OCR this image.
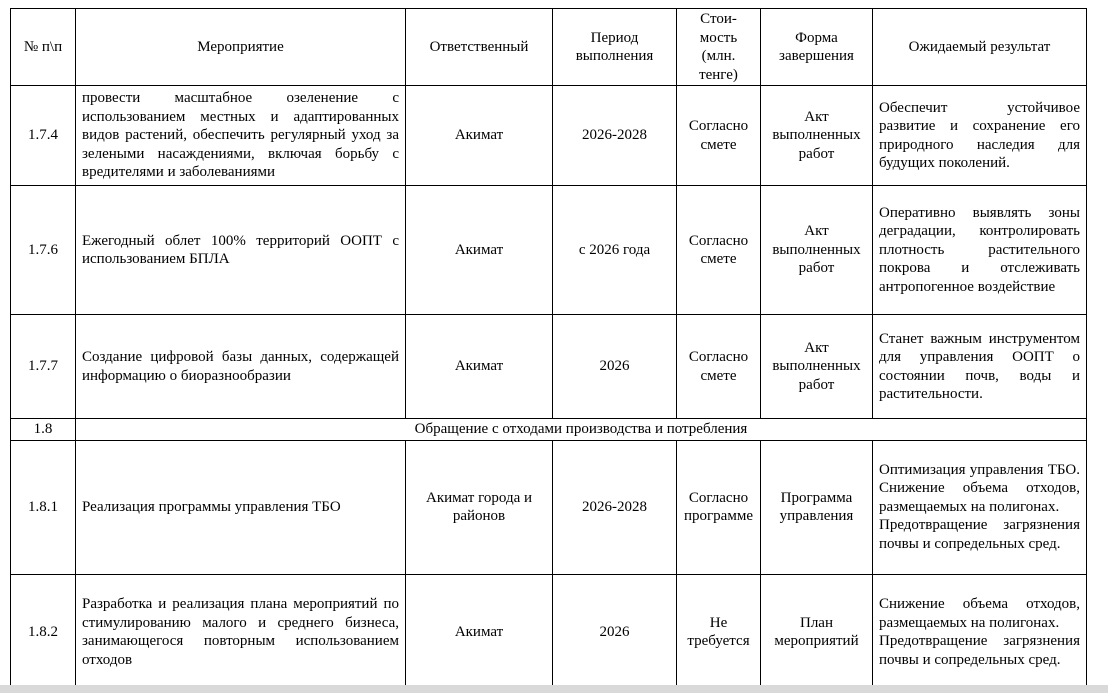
№ п\п	Мероприятие	Ответственный	Период выполнения	Стои-мость (млн. тенге)	Форма завершения	Ожидаемый результат
1.7.4	провести масштабное озеленение с использованием местных и адаптированных видов растений, обеспечить регулярный уход за зелеными насаждениями, включая борьбу с вредителями и заболеваниями	Акимат	2026-2028	Согласно смете	Акт выполненных работ	Обеспечит устойчивое развитие и сохранение его природного наследия для будущих поколений.
1.7.6	Ежегодный облет 100% территорий ООПТ с использованием БПЛА	Акимат	с 2026 года	Согласно смете	Акт выполненных работ	Оперативно выявлять зоны деградации, контролировать плотность растительного покрова и отслеживать антропогенное воздействие
1.7.7	Создание цифровой базы данных, содержащей информацию о биоразнообразии	Акимат	2026	Согласно смете	Акт выполненных работ	Станет важным инструментом для управления ООПТ о состоянии почв, воды и растительности.
1.8	Обращение с отходами производства и потребления					
1.8.1	Реализация программы управления ТБО	Акимат города и районов	2026-2028	Согласно программе	Программа управления	Оптимизация управления ТБО. Снижение объема отходов, размещаемых на полигонах.
Предотвращение загрязнения почвы и сопредельных сред.

1.8.2	Разработка и реализация плана мероприятий по стимулированию малого и среднего бизнеса, занимающегося повторным использованием отходов	Акимат	2026	Не требуется	План мероприятий	Снижение объема отходов, размещаемых на полигонах.
Предотвращение загрязнения почвы и сопредельных сред.
